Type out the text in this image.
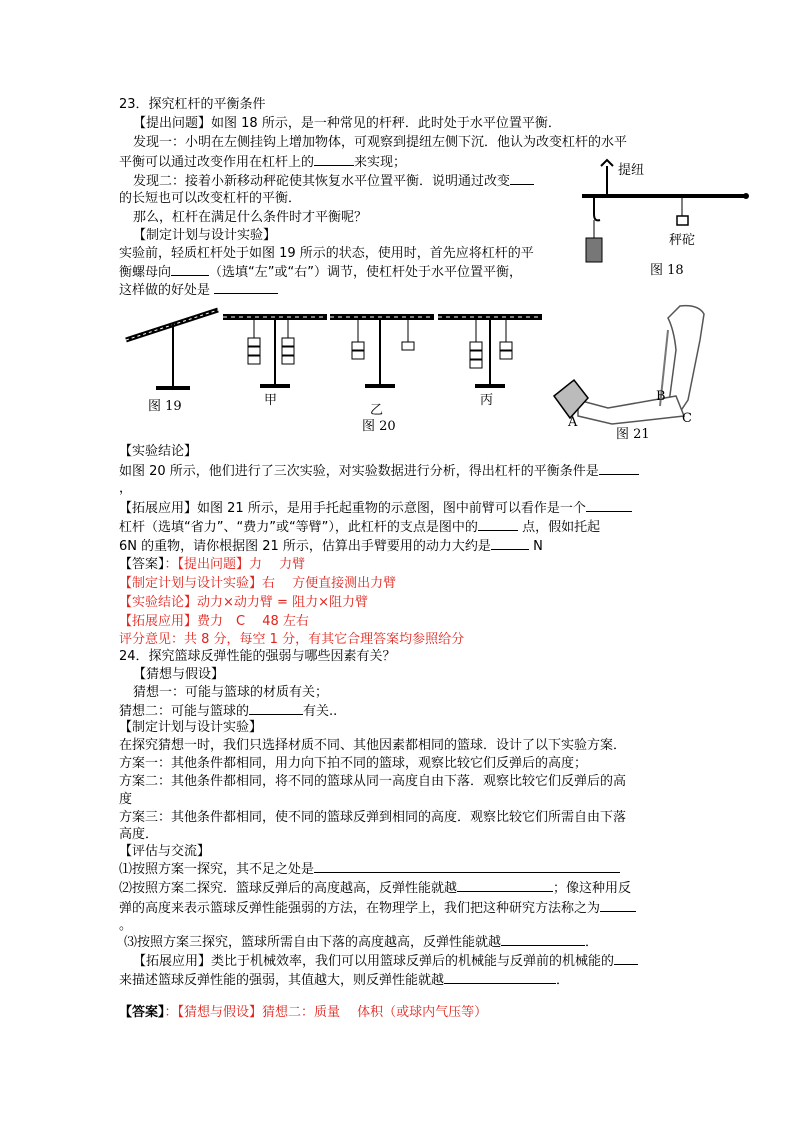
23．探究杠杆的平衡条件
【提出问题】如图 18 所示，是一种常见的杆秤．此时处于水平位置平衡．
发现一：小明在左侧挂钩上增加物体，可观察到提纽左侧下沉．他认为改变杠杆的水平
平衡可以通过改变作用在杠杆上的	来实现；
发现二：接着小新移动秤砣使其恢复水平位置平衡．说明通过改变
的长短也可以改变杠杆的平衡．
那么，杠杆在满足什么条件时才平衡呢？
【制定计划与设计实验】
实验前，轻质杠杆处于如图 19 所示的状态，使用时，首先应将杠杆的平
衡螺母向	（选填“左”或“右”）调节，使杠杆处于水平位置平衡，
这样做的好处是
提纽
秤砣
图 18
图 19	甲
乙
丙
图 20	A
B
C
图 21
【实验结论】
如图 20 所示，他们进行了三次实验，对实验数据进行分析，得出杠杆的平衡条件是
，
【拓展应用】如图 21 所示，是用手托起重物的示意图，图中前臂可以看作是一个
杠杆（选填“省力”、“费力”或“等臂”），此杠杆的支点是图中的	点，假如托起
6N 的重物，请你根据图 21 所示，估算出手臂要用的动力大约是	N
【答案】：【提出问题】力　 力臂
【制定计划与设计实验】右　 方便直接测出力臂
【实验结论】动力×动力臂 = 阻力×阻力臂
【拓展应用】费力　C　 48 左右
评分意见：共 8 分，每空 1 分，有其它合理答案均参照给分
24．探究篮球反弹性能的强弱与哪些因素有关？
【猜想与假设】
猜想一：可能与篮球的材质有关；
猜想二：可能与篮球的	有关..
【制定计划与设计实验】
在探究猜想一时，我们只选择材质不同、其他因素都相同的篮球．设计了以下实验方案．
方案一：其他条件都相同，用力向下拍不同的篮球，观察比较它们反弹后的高度；
方案二：其他条件都相同，将不同的篮球从同一高度自由下落．观察比较它们反弹后的高
度
方案三：其他条件都相同，使不同的篮球反弹到相同的高度．观察比较它们所需自由下落
高度．
【评估与交流】
⑴按照方案一探究，其不足之处是
⑵按照方案二探究．篮球反弹后的高度越高，反弹性能就越	；像这种用反
弹的高度来表示篮球反弹性能强弱的方法，在物理学上，我们把这种研究方法称之为
。
⑶按照方案三探究，篮球所需自由下落的高度越高，反弹性能就越	．
【拓展应用】类比于机械效率，我们可以用篮球反弹后的机械能与反弹前的机械能的
来描述篮球反弹性能的强弱，其值越大，则反弹性能就越	．
【答案】：【猜想与假设】猜想二：质量　 体积（或球内气压等）
